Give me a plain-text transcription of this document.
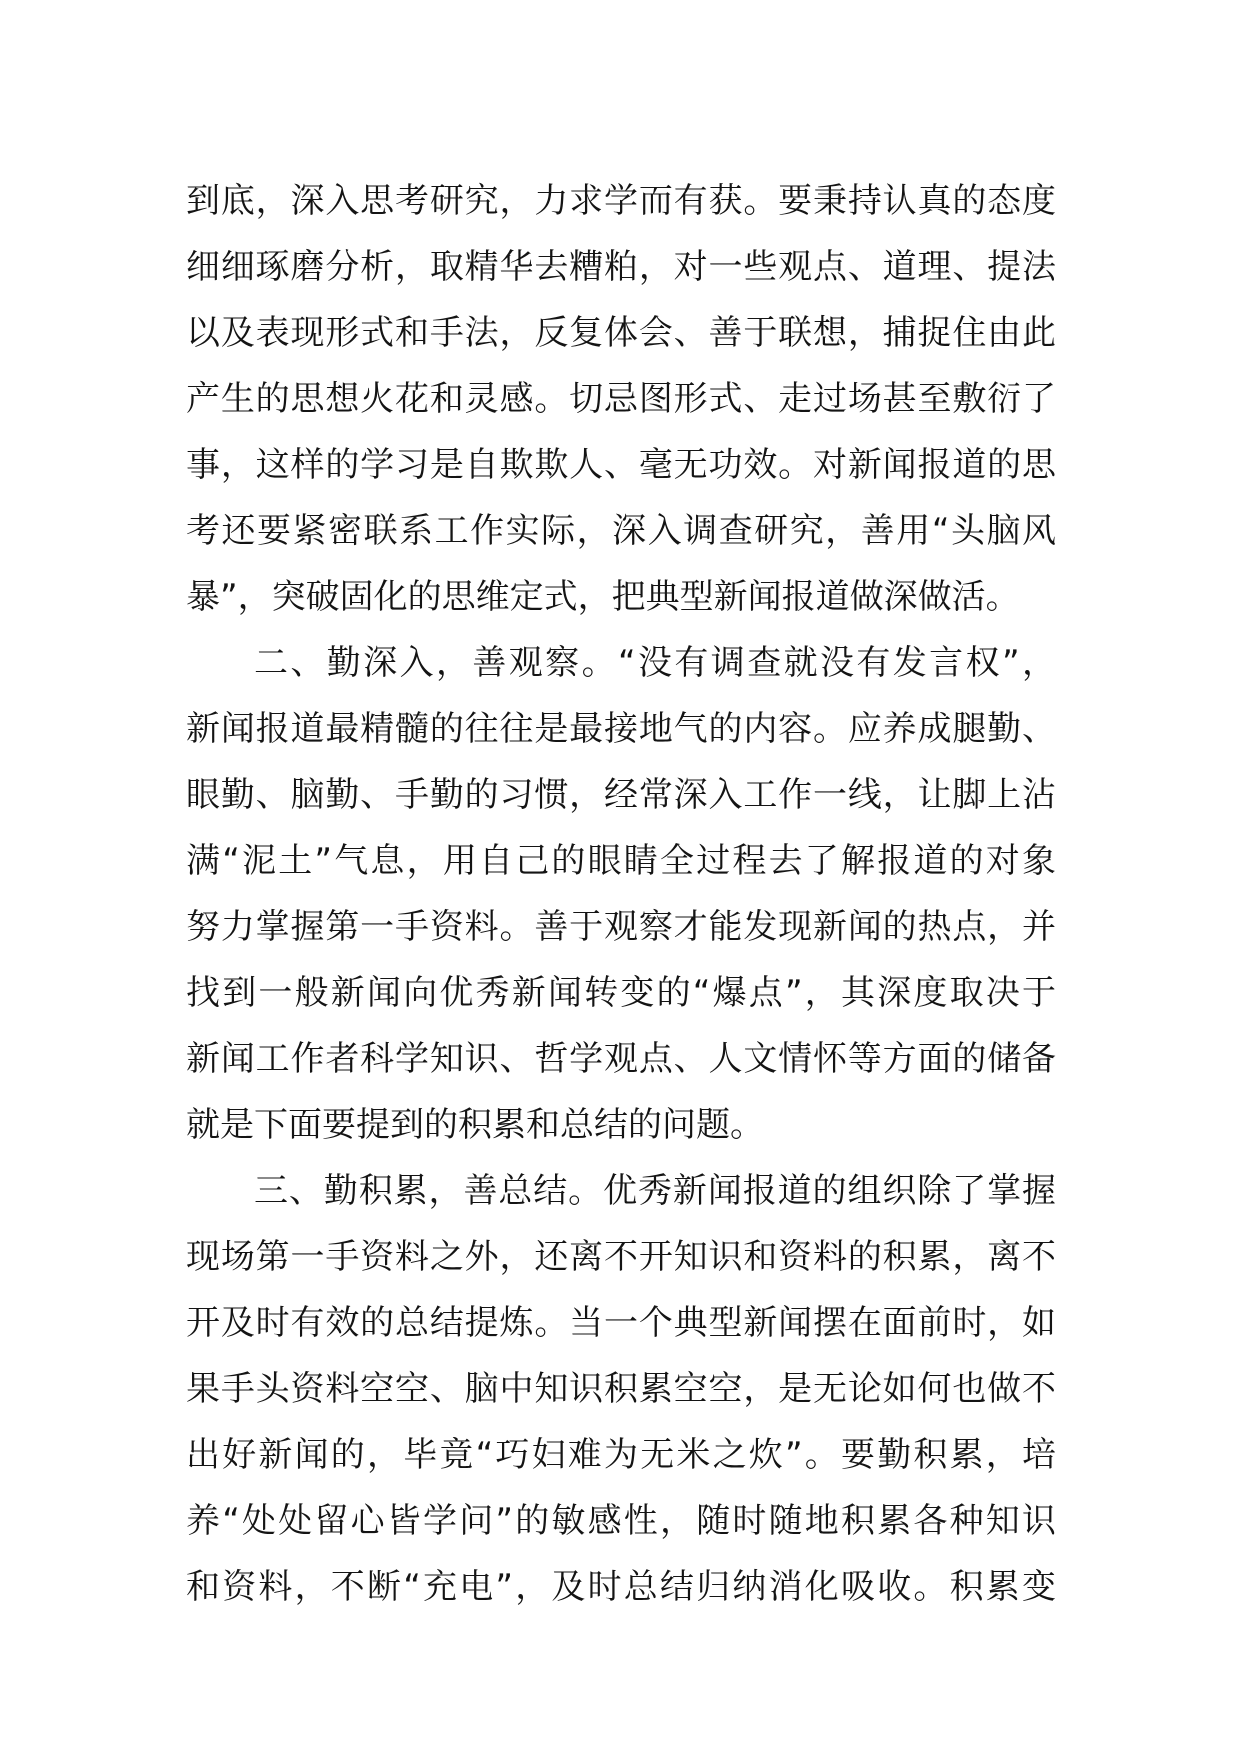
到底，深入思考研究，力求学而有获。要秉持认真的态度
细细琢磨分析，取精华去糟粕，对一些观点、道理、提法
以及表现形式和手法，反复体会、善于联想，捕捉住由此
产生的思想火花和灵感。切忌图形式、走过场甚至敷衍了
事，这样的学习是自欺欺人、毫无功效。对新闻报道的思
考还要紧密联系工作实际，深入调查研究，善用“头脑风
暴”，突破固化的思维定式，把典型新闻报道做深做活。
二、勤深入，善观察。“没有调查就没有发言权”，
新闻报道最精髓的往往是最接地气的内容。应养成腿勤、
眼勤、脑勤、手勤的习惯，经常深入工作一线，让脚上沾
满“泥土”气息，用自己的眼睛全过程去了解报道的对象
努力掌握第一手资料。善于观察才能发现新闻的热点，并
找到一般新闻向优秀新闻转变的“爆点”，其深度取决于
新闻工作者科学知识、哲学观点、人文情怀等方面的储备
就是下面要提到的积累和总结的问题。
三、勤积累，善总结。优秀新闻报道的组织除了掌握
现场第一手资料之外，还离不开知识和资料的积累，离不
开及时有效的总结提炼。当一个典型新闻摆在面前时，如
果手头资料空空、脑中知识积累空空，是无论如何也做不
出好新闻的，毕竟“巧妇难为无米之炊”。要勤积累，培
养“处处留心皆学问”的敏感性，随时随地积累各种知识
和资料，不断“充电”，及时总结归纳消化吸收。积累变
